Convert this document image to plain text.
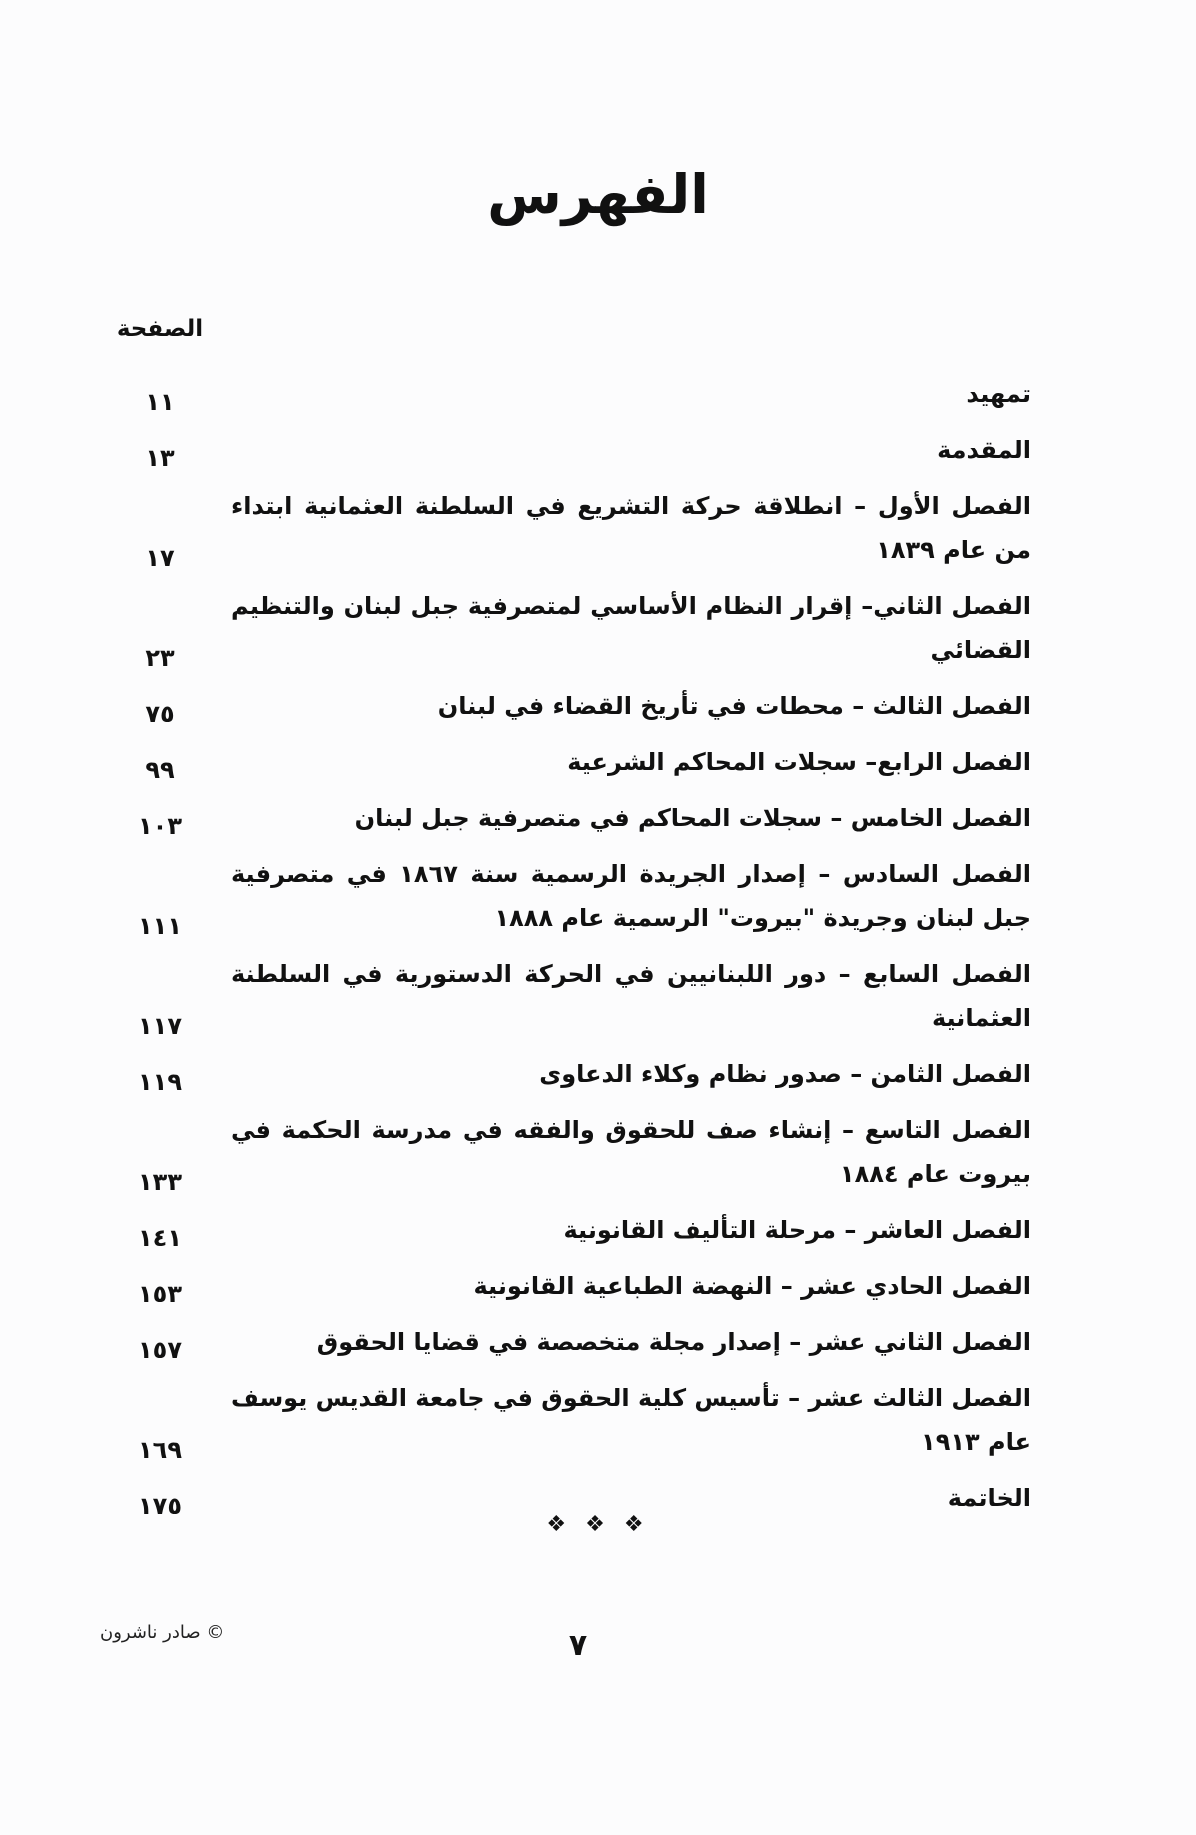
الفهرس
الصفحة
تمهيد
١١
المقدمة
١٣
الفصل الأول – انطلاقة حركة التشريع في السلطنة العثمانية ابتداء من عام ١٨٣٩
١٧
الفصل الثاني– إقرار النظام الأساسي لمتصرفية جبل لبنان والتنظيم القضائي
٢٣
الفصل الثالث – محطات في تأريخ القضاء في لبنان
٧٥
الفصل الرابع– سجلات المحاكم الشرعية
٩٩
الفصل الخامس – سجلات المحاكم في متصرفية جبل لبنان
١٠٣
الفصل السادس – إصدار الجريدة الرسمية سنة ١٨٦٧ في متصرفية جبل لبنان وجريدة "بيروت" الرسمية عام ١٨٨٨
١١١
الفصل السابع – دور اللبنانيين في الحركة الدستورية في السلطنة العثمانية
١١٧
الفصل الثامن – صدور نظام وكلاء الدعاوى
١١٩
الفصل التاسع – إنشاء صف للحقوق والفقه في مدرسة الحكمة في بيروت عام ١٨٨٤
١٣٣
الفصل العاشر – مرحلة التأليف القانونية
١٤١
الفصل الحادي عشر – النهضة الطباعية القانونية
١٥٣
الفصل الثاني عشر – إصدار مجلة متخصصة في قضايا الحقوق
١٥٧
الفصل الثالث عشر – تأسيس كلية الحقوق في جامعة القديس يوسف عام ١٩١٣
١٦٩
الخاتمة
١٧٥
❖ ❖ ❖
© صادر ناشرون	٧
